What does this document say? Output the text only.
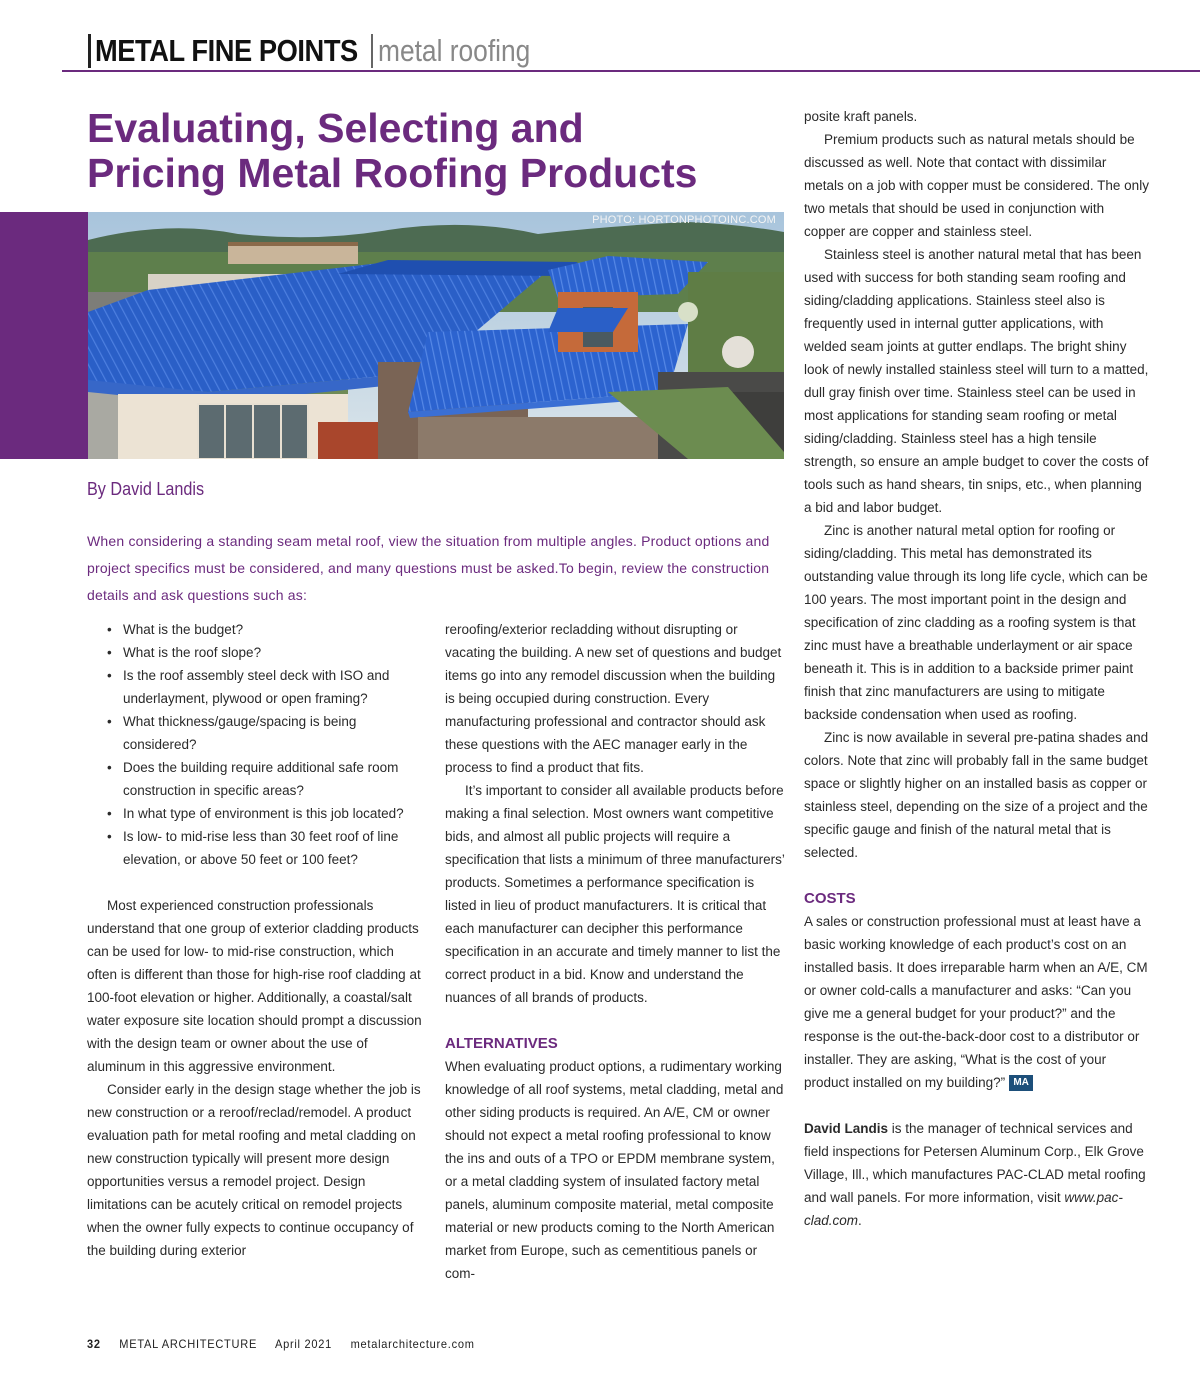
METAL FINE POINTS metal roofing
Evaluating, Selecting and
Pricing Metal Roofing Products
PHOTO: HORTONPHOTOINC.COM
By David Landis
When considering a standing seam metal roof, view the situation from multiple angles. Product options and project specifics must be considered, and many questions must be asked.To begin, review the construction details and ask questions such as:
• What is the budget?
• What is the roof slope?
• Is the roof assembly steel deck with ISO and underlayment, plywood or open framing?
• What thickness/gauge/spacing is being considered?
• Does the building require additional safe room construction in specific areas?
• In what type of environment is this job located?
• Is low- to mid-rise less than 30 feet roof of line elevation, or above 50 feet or 100 feet?

Most experienced construction professionals understand that one group of exterior cladding products can be used for low- to mid-rise construction, which often is different than those for high-rise roof cladding at 100-foot elevation or higher. Additionally, a coastal/salt water exposure site location should prompt a discussion with the design team or owner about the use of aluminum in this aggressive environment.

Consider early in the design stage whether the job is new construction or a reroof/reclad/remodel. A product evaluation path for metal roofing and metal cladding on new construction typically will present more design opportunities versus a remodel project. Design limitations can be acutely critical on remodel projects when the owner fully expects to continue occupancy of the building during exterior

reroofing/exterior recladding without disrupting or vacating the building. A new set of questions and budget items go into any remodel discussion when the building is being occupied during construction. Every manufacturing professional and contractor should ask these questions with the AEC manager early in the process to find a product that fits.

It’s important to consider all available products before making a final selection. Most owners want competitive bids, and almost all public projects will require a specification that lists a minimum of three manufacturers’ products. Sometimes a performance specification is listed in lieu of product manufacturers. It is critical that each manufacturer can decipher this performance specification in an accurate and timely manner to list the correct product in a bid. Know and understand the nuances of all brands of products.

ALTERNATIVES

When evaluating product options, a rudimentary working knowledge of all roof systems, metal cladding, metal and other siding products is required. An A/E, CM or owner should not expect a metal roofing professional to know the ins and outs of a TPO or EPDM membrane system, or a metal cladding system of insulated factory metal panels, aluminum composite material, metal composite material or new products coming to the North American market from Europe, such as cementitious panels or com-

posite kraft panels.

Premium products such as natural metals should be discussed as well. Note that contact with dissimilar metals on a job with copper must be considered. The only two metals that should be used in conjunction with copper are copper and stainless steel.

Stainless steel is another natural metal that has been used with success for both standing seam roofing and siding/cladding applications. Stainless steel also is frequently used in internal gutter applications, with welded seam joints at gutter endlaps. The bright shiny look of newly installed stainless steel will turn to a matted, dull gray finish over time. Stainless steel can be used in most applications for standing seam roofing or metal siding/cladding. Stainless steel has a high tensile strength, so ensure an ample budget to cover the costs of tools such as hand shears, tin snips, etc., when planning a bid and labor budget.

Zinc is another natural metal option for roofing or siding/cladding. This metal has demonstrated its outstanding value through its long life cycle, which can be 100 years. The most important point in the design and specification of zinc cladding as a roofing system is that zinc must have a breathable underlayment or air space beneath it. This is in addition to a backside primer paint finish that zinc manufacturers are using to mitigate backside condensation when used as roofing.

Zinc is now available in several pre-patina shades and colors. Note that zinc will probably fall in the same budget space or slightly higher on an installed basis as copper or stainless steel, depending on the size of a project and the specific gauge and finish of the natural metal that is selected.

COSTS

A sales or construction professional must at least have a basic working knowledge of each product’s cost on an installed basis. It does irreparable harm when an A/E, CM or owner cold-calls a manufacturer and asks: “Can you give me a general budget for your product?” and the response is the out-the-back-door cost to a distributor or installer. They are asking, “What is the cost of your product installed on my building?” MA

David Landis is the manager of technical services and field inspections for Petersen Aluminum Corp., Elk Grove Village, Ill., which manufactures PAC-CLAD metal roofing and wall panels. For more information, visit www.pac-clad.com.

32 METAL ARCHITECTURE April 2021 metalarchitecture.com
